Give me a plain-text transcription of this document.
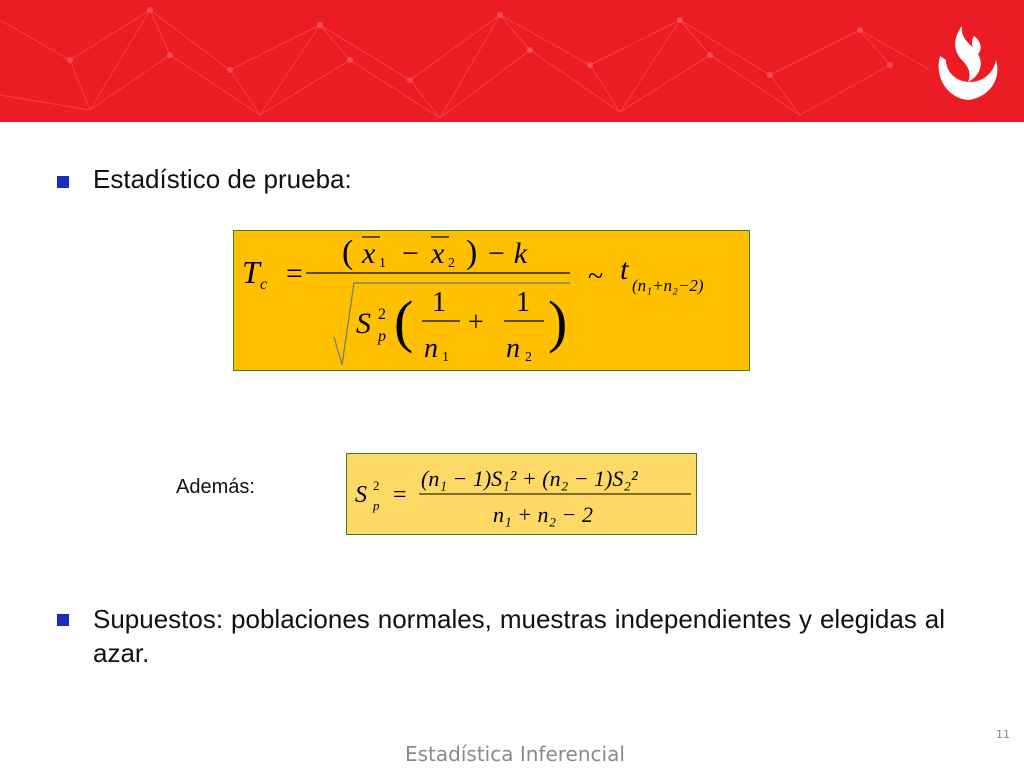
Estadístico de prueba:
T c =
( x 1 − x 2 ) − k
S 2
p ( 1
n 1
+
1
n 2
)
~ t (n₁+n₂−2)
Además:	S 2
p =
(n₁ − 1)S₁² + (n₂ − 1)S₂²
n₁ + n₂ − 2
Supuestos: poblaciones normales, muestras independientes y elegidas al azar.
11
Estadística Inferencial
